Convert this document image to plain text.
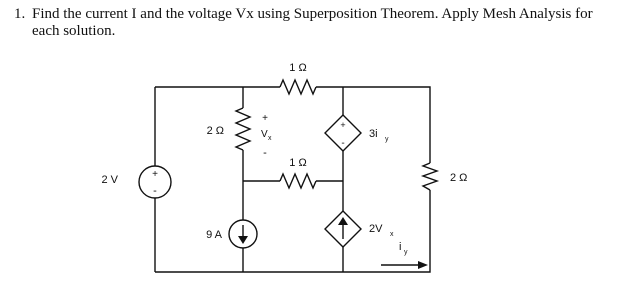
1. Find the current I and the voltage Vx using Superposition Theorem. Apply Mesh Analysis for each solution.
1 Ω
2 Ω
+
V x
-
1 Ω
2 Ω
+
-
2 V
9 A
+
-
3i y
2V x
i y
